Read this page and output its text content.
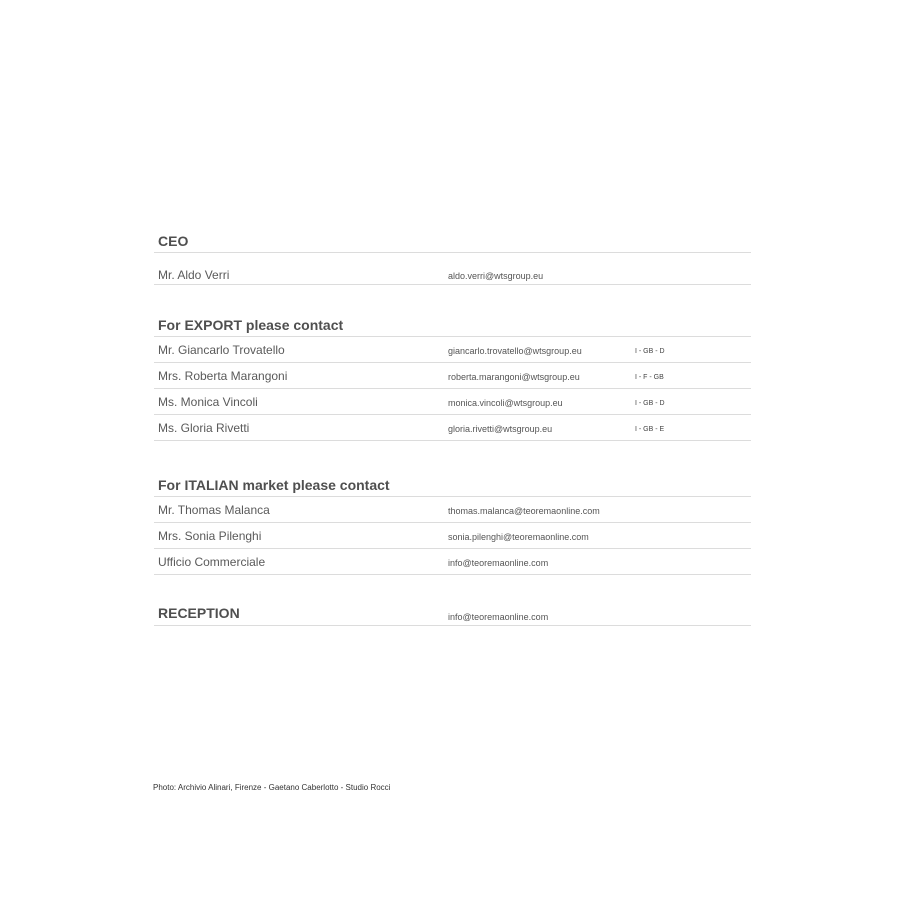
CEO
Mr. Aldo Verri	aldo.verri@wtsgroup.eu
For EXPORT please contact
Mr. Giancarlo Trovatello	giancarlo.trovatello@wtsgroup.eu	I - GB - D
Mrs. Roberta Marangoni	roberta.marangoni@wtsgroup.eu	I - F - GB
Ms. Monica Vincoli	monica.vincoli@wtsgroup.eu	I - GB - D
Ms. Gloria Rivetti	gloria.rivetti@wtsgroup.eu	I - GB - E
For ITALIAN market please contact
Mr. Thomas Malanca	thomas.malanca@teoremaonline.com
Mrs. Sonia Pilenghi	sonia.pilenghi@teoremaonline.com
Ufficio Commerciale	info@teoremaonline.com
RECEPTION	info@teoremaonline.com
Photo: Archivio Alinari, Firenze - Gaetano Caberlotto - Studio Rocci
